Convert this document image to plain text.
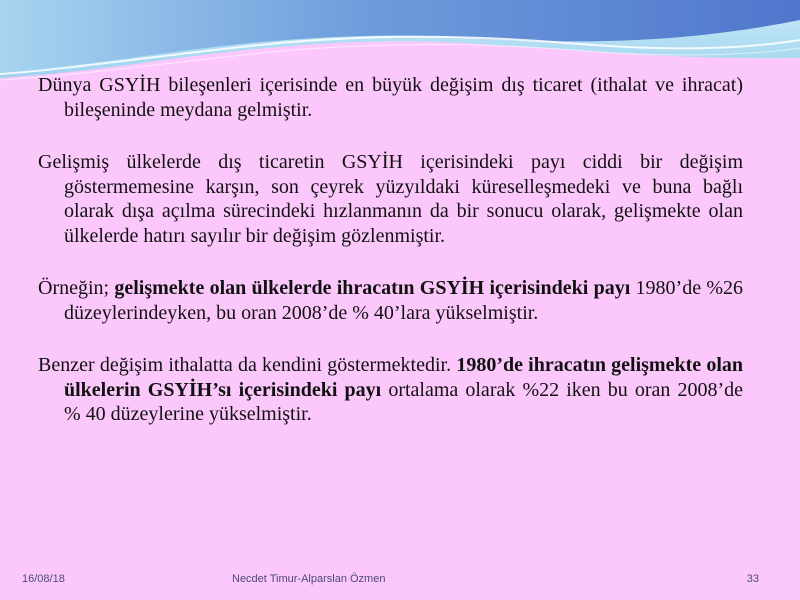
Dünya GSYİH bileşenleri içerisinde en büyük değişim dış ticaret (ithalat ve ihracat) bileşeninde meydana gelmiştir.

Gelişmiş ülkelerde dış ticaretin GSYİH içerisindeki payı ciddi bir değişim göstermemesine karşın, son çeyrek yüzyıldaki küreselleşmedeki ve buna bağlı olarak dışa açılma sürecindeki hızlanmanın da bir sonucu olarak, gelişmekte olan ülkelerde hatırı sayılır bir değişim gözlenmiştir.

Örneğin; gelişmekte olan ülkelerde ihracatın GSYİH içerisindeki payı 1980’de %26 düzeylerindeyken, bu oran 2008’de % 40’lara yükselmiştir.

Benzer değişim ithalatta da kendini göstermektedir. 1980’de ihracatın gelişmekte olan ülkelerin GSYİH’sı içerisindeki payı ortalama olarak %22 iken bu oran 2008’de % 40 düzeylerine yükselmiştir.

16/08/18	Necdet Timur-Alparslan Özmen	33
